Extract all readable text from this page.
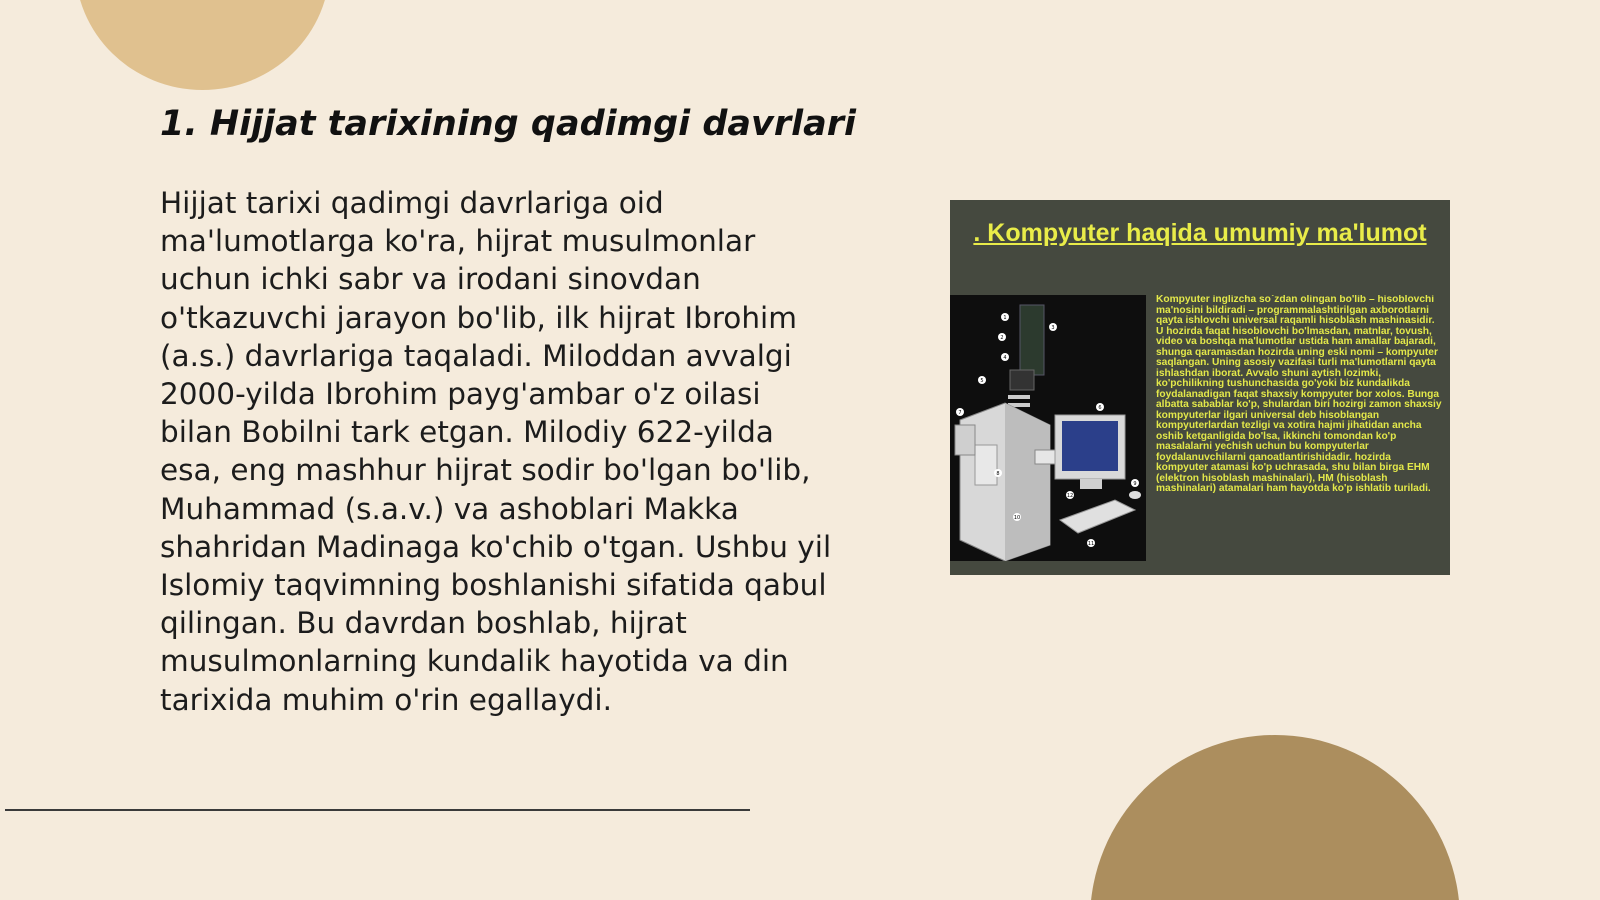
1. Hijjat tarixining qadimgi davrlari

Hijjat tarixi qadimgi davrlariga oid ma'lumotlarga ko'ra, hijrat musulmonlar uchun ichki sabr va irodani sinovdan o'tkazuvchi jarayon bo'lib, ilk hijrat Ibrohim (a.s.) davrlariga taqaladi. Miloddan avvalgi 2000-yilda Ibrohim payg'ambar o'z oilasi bilan Bobilni tark etgan. Milodiy 622-yilda esa, eng mashhur hijrat sodir bo'lgan bo'lib, Muhammad (s.a.v.) va ashoblari Makka shahridan Madinaga ko'chib o'tgan. Ushbu yil Islomiy taqvimning boshlanishi sifatida qabul qilingan. Bu davrdan boshlab, hijrat musulmonlarning kundalik hayotida va din tarixida muhim o'rin egallaydi.

. Kompyuter haqida umumiy ma'lumot

1
2
3
4
5
6
7
8
9
10
11
12

Kompyuter inglizcha so`zdan olingan bo'lib – hisoblovchi ma'nosini bildiradi – programmalashtirilgan axborotlarni qayta ishlovchi universal raqamli hisoblash mashinasidir. U hozirda faqat hisoblovchi bo'lmasdan, matnlar, tovush, video va boshqa ma'lumotlar ustida ham amallar bajaradi, shunga qaramasdan hozirda uning eski nomi – kompyuter saqlangan. Uning asosiy vazifasi turli ma'lumotlarni qayta ishlashdan iborat. Avvalo shuni aytish lozimki, ko'pchilikning tushunchasida go'yoki biz kundalikda foydalanadigan faqat shaxsiy kompyuter bor xolos. Bunga albatta sabablar ko'p, shulardan biri hozirgi zamon shaxsiy kompyuterlar ilgari universal deb hisoblangan kompyuterlardan tezligi va xotira hajmi jihatidan ancha oshib ketganligida bo'lsa, ikkinchi tomondan ko'p masalalarni yechish uchun bu kompyuterlar foydalanuvchilarni qanoatlantirishidadir. hozirda kompyuter atamasi ko'p uchrasada, shu bilan birga EHM (elektron hisoblash mashinalari), HM (hisoblash mashinalari) atamalari ham hayotda ko'p ishlatib turiladi.
